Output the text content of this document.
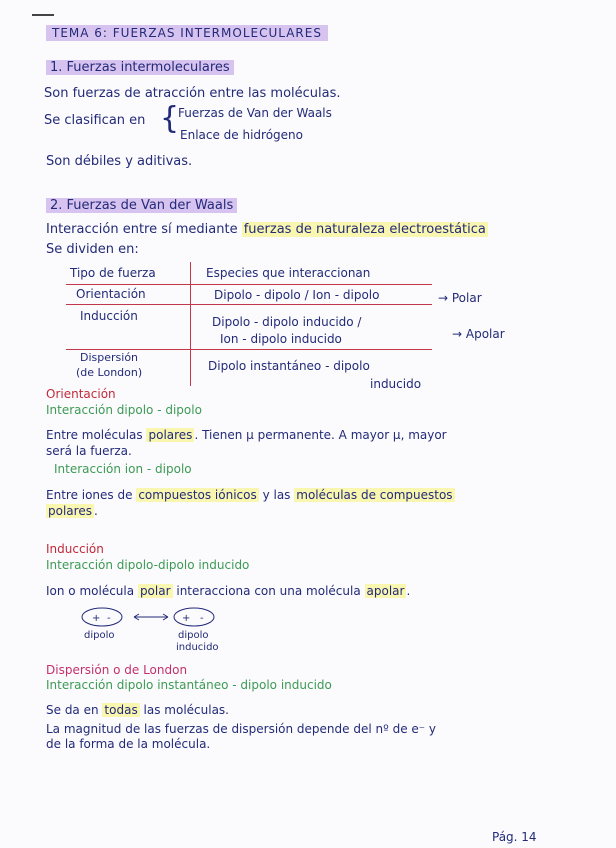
TEMA 6: FUERZAS INTERMOLECULARES
1. Fuerzas intermoleculares
Son fuerzas de atracción entre las moléculas.
Se clasifican en {
Fuerzas de Van der Waals
Enlace de hidrógeno
Son débiles y aditivas.
2. Fuerzas de Van der Waals
Interacción entre sí mediante fuerzas de naturaleza electroestática
Se dividen en:
Tipo de fuerza	Especies que interaccionan
Orientación	Dipolo - dipolo / Ion - dipolo
Inducción	Dipolo - dipolo inducido /
Ion - dipolo inducido
Dispersión
(de London)	Dipolo instantáneo - dipolo
inducido
→ Polar
→ Apolar
Orientación
Interacción dipolo - dipolo
Entre moléculas polares . Tienen μ permanente. A mayor μ, mayor
será la fuerza.
Interacción ion - dipolo
Entre iones de compuestos iónicos y las moléculas de compuestos
polares .
Inducción
Interacción dipolo-dipolo inducido
Ion o molécula polar interacciona con una molécula apolar .
+ -	+ -
dipolo	dipolo
inducido
Dispersión o de London
Interacción dipolo instantáneo - dipolo inducido
Se da en todas las moléculas.
La magnitud de las fuerzas de dispersión depende del nº de e⁻ y
de la forma de la molécula.
Pág. 14
